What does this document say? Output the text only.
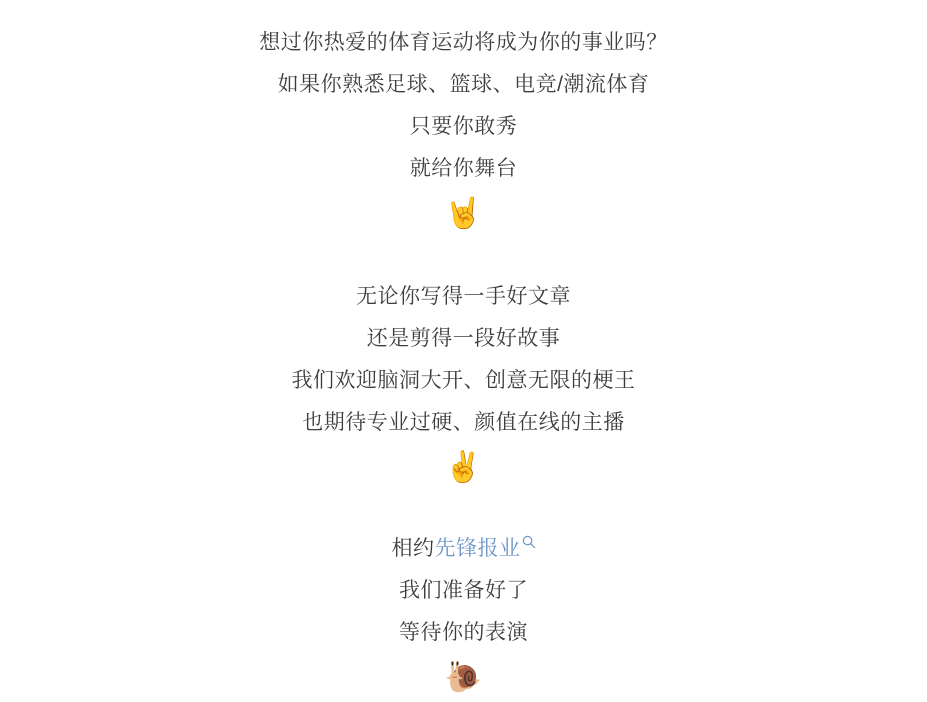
想过你热爱的体育运动将成为你的事业吗？
如果你熟悉足球、篮球、电竞/潮流体育
只要你敢秀
就给你舞台
🤘
无论你写得一手好文章
还是剪得一段好故事
我们欢迎脑洞大开、创意无限的梗王
也期待专业过硬、颜值在线的主播
✌️
相约先锋报业
我们准备好了
等待你的表演
🐌
